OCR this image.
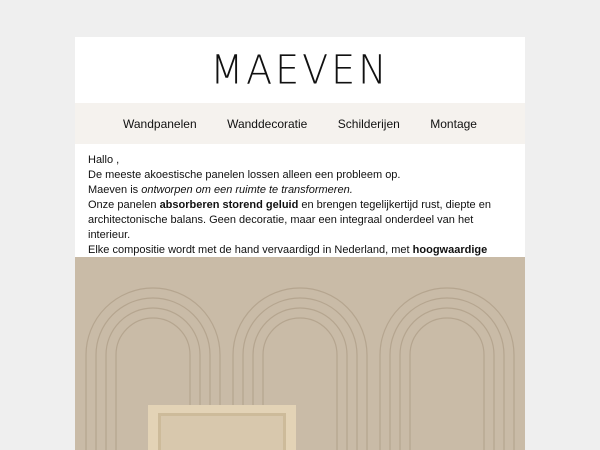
MAEVEN
Wandpanelen	Wanddecoratie	Schilderijen	Montage
Hallo ,
De meeste akoestische panelen lossen alleen een probleem op.
Maeven is ontworpen om een ruimte te transformeren.
Onze panelen absorberen storend geluid en brengen tegelijkertijd rust, diepte en architectonische balans. Geen decoratie, maar een integraal onderdeel van het interieur.
Elke compositie wordt met de hand vervaardigd in Nederland, met hoogwaardige
